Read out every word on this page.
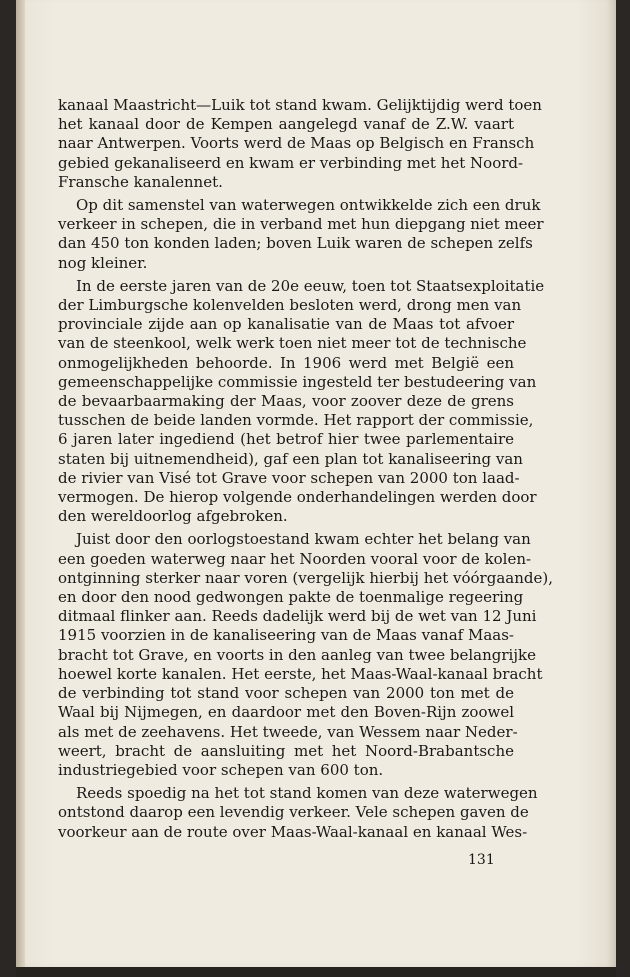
kanaal Maastricht—Luik tot stand kwam. Gelijktijdig werd toen
het kanaal door de Kempen aangelegd vanaf de Z.W. vaart
naar Antwerpen. Voorts werd de Maas op Belgisch en Fransch
gebied gekanaliseerd en kwam er verbinding met het Noord-
Fransche kanalennet.

Op dit samenstel van waterwegen ontwikkelde zich een druk
verkeer in schepen, die in verband met hun diepgang niet meer
dan 450 ton konden laden; boven Luik waren de schepen zelfs
nog kleiner.

In de eerste jaren van de 20e eeuw, toen tot Staatsexploitatie
der Limburgsche kolenvelden besloten werd, drong men van
provinciale zijde aan op kanalisatie van de Maas tot afvoer
van de steenkool, welk werk toen niet meer tot de technische
onmogelijkheden behoorde. In 1906 werd met België een
gemeenschappelijke commissie ingesteld ter bestudeering van
de bevaarbaarmaking der Maas, voor zoover deze de grens
tusschen de beide landen vormde. Het rapport der commissie,
6 jaren later ingediend (het betrof hier twee parlementaire
staten bij uitnemendheid), gaf een plan tot kanaliseering van
de rivier van Visé tot Grave voor schepen van 2000 ton laad-
vermogen. De hierop volgende onderhandelingen werden door
den wereldoorlog afgebroken.

Juist door den oorlogstoestand kwam echter het belang van
een goeden waterweg naar het Noorden vooral voor de kolen-
ontginning sterker naar voren (vergelijk hierbij het vóórgaande),
en door den nood gedwongen pakte de toenmalige regeering
ditmaal flinker aan. Reeds dadelijk werd bij de wet van 12 Juni
1915 voorzien in de kanaliseering van de Maas vanaf Maas-
bracht tot Grave, en voorts in den aanleg van twee belangrijke
hoewel korte kanalen. Het eerste, het Maas-Waal-kanaal bracht
de verbinding tot stand voor schepen van 2000 ton met de
Waal bij Nijmegen, en daardoor met den Boven-Rijn zoowel
als met de zeehavens. Het tweede, van Wessem naar Neder-
weert, bracht de aansluiting met het Noord-Brabantsche
industriegebied voor schepen van 600 ton.

Reeds spoedig na het tot stand komen van deze waterwegen
ontstond daarop een levendig verkeer. Vele schepen gaven de
voorkeur aan de route over Maas-Waal-kanaal en kanaal Wes-

131
